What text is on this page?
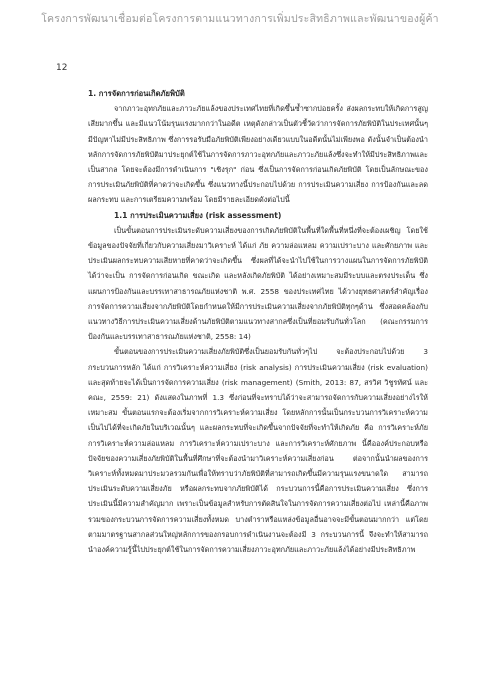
โครงการพัฒนาเชื่อมต่อโครงการตามแนวทางการเพิ่มประสิทธิภาพและพัฒนาของผู้ค้า
12

1. การจัดการก่อนเกิดภัยพิบัติ

จากภาวะอุทกภัยและภาวะภัยแล้งของประเทศไทยที่เกิดขึ้นซ้ำซากบ่อยครั้ง ส่งผลกระทบให้เกิดการสูญเสียมากขึ้น และมีแนวโน้มรุนแรงมากกว่าในอดีต เหตุดังกล่าวเป็นตัวชี้วัดว่าการจัดการภัยพิบัติในประเทศนั้นๆ มีปัญหาไม่มีประสิทธิภาพ ซึ่งการรอรับมือภัยพิบัติเพียงอย่างเดียวแบบในอดีตนั้นไม่เพียงพอ ดังนั้นจำเป็นต้องนำหลักการจัดการภัยพิบัติมาประยุกต์ใช้ในการจัดการภาวะอุทกภัยและภาวะภัยแล้งซึ่งจะทำให้มีประสิทธิภาพและเป็นสากล โดยจะต้องมีการดำเนินการ "เชิงรุก" ก่อน ซึ่งเป็นการจัดการก่อนเกิดภัยพิบัติ โดยเป็นลักษณะของการประเมินภัยพิบัติที่คาดว่าจะเกิดขึ้น ซึ่งแนวทางนี้ประกอบไปด้วย การประเมินความเสี่ยง การป้องกันและลดผลกระทบ และการเตรียมความพร้อม โดยมีรายละเอียดดังต่อไปนี้

1.1 การประเมินความเสี่ยง (risk assessment)

เป็นขั้นตอนการประเมินระดับความเสี่ยงของการเกิดภัยพิบัติในพื้นที่ใดพื้นที่หนึ่งที่จะต้องเผชิญ โดยใช้ข้อมูลของปัจจัยที่เกี่ยวกับความเสี่ยงมาวิเคราะห์ ได้แก่ ภัย ความล่อแหลม ความเปราะบาง และศักยภาพ และประเมินผลกระทบความเสียหายที่คาดว่าจะเกิดขึ้น ซึ่งผลที่ได้จะนำไปใช้ในการวางแผนในการจัดการภัยพิบัติได้ว่าจะเป็น การจัดการก่อนเกิด ขณะเกิด และหลังเกิดภัยพิบัติ ได้อย่างเหมาะสมมีระบบและตรงประเด็น ซึ่งแผนการป้องกันและบรรเทาสาธารณภัยแห่งชาติ พ.ศ. 2558 ของประเทศไทย ได้วางยุทธศาสตร์สำคัญเรื่องการจัดการความเสี่ยงจากภัยพิบัติโดยกำหนดให้มีการประเมินความเสี่ยงจากภัยพิบัติทุกๆด้าน ซึ่งสอดคล้องกับแนวทางวิธีการประเมินความเสี่ยงด้านภัยพิบัติตามแนวทางสากลซึ่งเป็นที่ยอมรับกันทั่วโลก (คณะกรรมการป้องกันและบรรเทาสาธารณภัยแห่งชาติ, 2558: 14)

ขั้นตอนของการประเมินความเสี่ยงภัยพิบัติซึ่งเป็นยอมรับกันทั่วๆไป จะต้องประกอบไปด้วย 3 กระบวนการหลัก ได้แก่ การวิเคราะห์ความเสี่ยง (risk analysis) การประเมินความเสี่ยง (risk evaluation) และสุดท้ายจะได้เป็นการจัดการความเสี่ยง (risk management) (Smith, 2013: 87, สรวิศ วิชูรทัศน์ และคณะ, 2559: 21) ดังแสดงในภาพที่ 1.3 ซึ่งก่อนที่จะทราบได้ว่าจะสามารถจัดการกับความเสี่ยงอย่างไรให้เหมาะสม ขั้นตอนแรกจะต้องเริ่มจากการวิเคราะห์ความเสี่ยง โดยหลักการนั้นเป็นกระบวนการวิเคราะห์ความเป็นไปได้ที่จะเกิดภัยในบริเวณนั้นๆ และผลกระทบที่จะเกิดขึ้นจากปัจจัยที่จะทำให้เกิดภัย คือ การวิเคราะห์ภัย การวิเคราะห์ความล่อแหลม การวิเคราะห์ความเปราะบาง และการวิเคราะห์ศักยภาพ นี้คือองค์ประกอบหรือปัจจัยของความเสี่ยงภัยพิบัติในพื้นที่ศึกษาที่จะต้องนำมาวิเคราะห์ความเสี่ยงก่อน ต่อจากนั้นนำผลของการวิเคราะห์ทั้งหมดมาประมวลรวมกันเพื่อให้ทราบว่าภัยพิบัติที่สามารถเกิดขึ้นมีความรุนแรงขนาดใด สามารถประเมินระดับความเสี่ยงภัย หรือผลกระทบจากภัยพิบัติได้ กระบวนการนี้คือการประเมินความเสี่ยง ซึ่งการประเมินนี้มีความสำคัญมาก เพราะเป็นข้อมูลสำหรับการตัดสินใจในการจัดการความเสี่ยงต่อไป เหล่านี้คือภาพรวมของกระบวนการจัดการความเสี่ยงทั้งหมด บางตำราหรือแหล่งข้อมูลอื่นอาจจะมีขั้นตอนมากกว่า แต่โดยตามมาตรฐานสากลส่วนใหญ่หลักการของกรอบการดำเนินงานจะต้องมี 3 กระบวนการนี้ จึงจะทำให้สามารถนำองค์ความรู้นี้ไปประยุกต์ใช้ในการจัดการความเสี่ยงภาวะอุทกภัยและภาวะภัยแล้งได้อย่างมีประสิทธิภาพ
